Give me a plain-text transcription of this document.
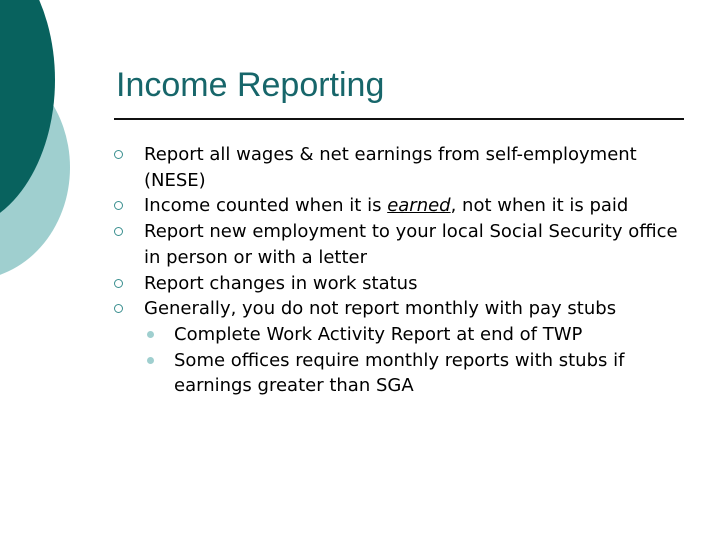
Income Reporting
Report all wages & net earnings from self-employment (NESE)
Income counted when it is earned, not when it is paid
Report new employment to your local Social Security office in person or with a letter
Report changes in work status
Generally, you do not report monthly with pay stubs
Complete Work Activity Report at end of TWP
Some offices require monthly reports with stubs if earnings greater than SGA
